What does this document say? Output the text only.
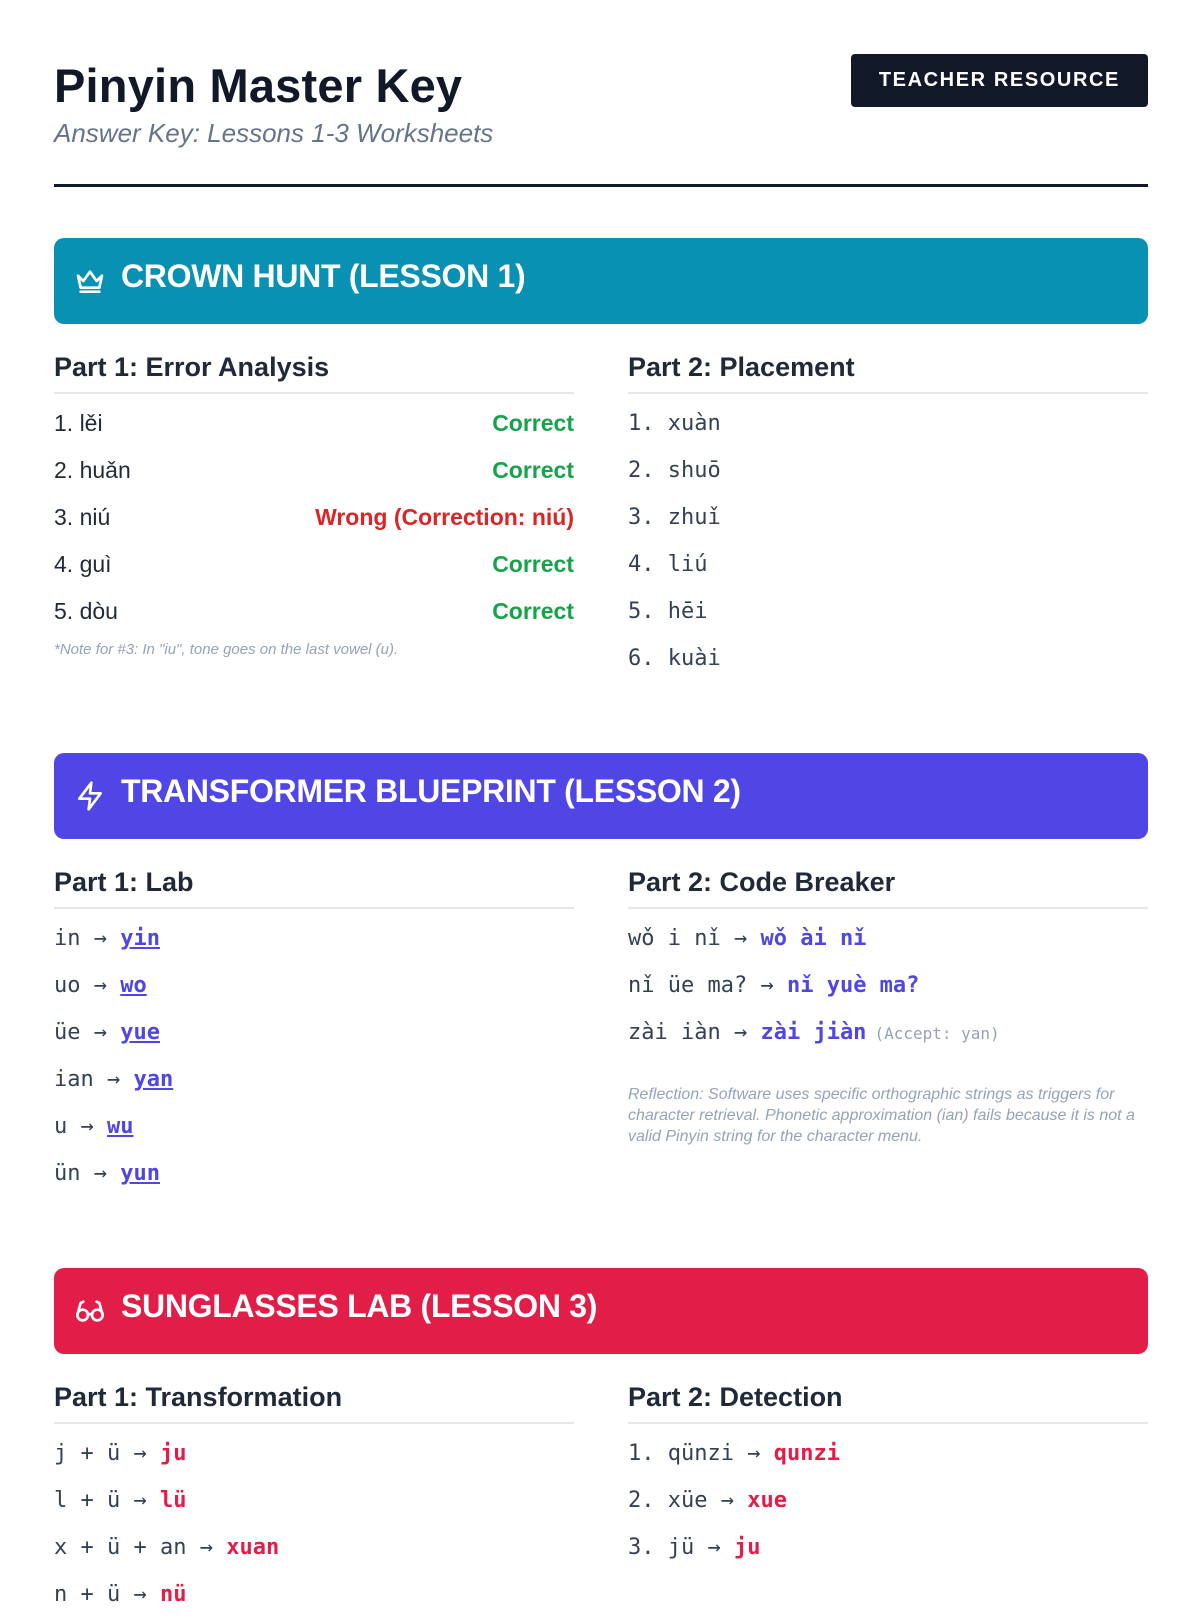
Pinyin Master Key
Answer Key: Lessons 1-3 Worksheets
TEACHER RESOURCE
CROWN HUNT (LESSON 1)
Part 1: Error Analysis
1. lěi	Correct
2. huǎn	Correct
3. niú	Wrong (Correction: niú)
4. guì	Correct
5. dòu	Correct
*Note for #3: In "iu", tone goes on the last vowel (u).
Part 2: Placement
1. xuàn
2. shuō
3. zhuǐ
4. liú
5. hēi
6. kuài
TRANSFORMER BLUEPRINT (LESSON 2)
Part 1: Lab
in → yin
uo → wo
üe → yue
ian → yan
u → wu
ün → yun
Part 2: Code Breaker
wǒ i nǐ → wǒ ài nǐ
nǐ üe ma? → nǐ yuè ma?
zài iàn → zài jiàn (Accept: yan)
Reflection: Software uses specific orthographic strings as triggers for character retrieval. Phonetic approximation (ian) fails because it is not a valid Pinyin string for the character menu.
SUNGLASSES LAB (LESSON 3)
Part 1: Transformation
j + ü → ju
l + ü → lü
x + ü + an → xuan
n + ü → nü
Part 2: Detection
1. qünzi → qunzi
2. xüe → xue
3. jü → ju
